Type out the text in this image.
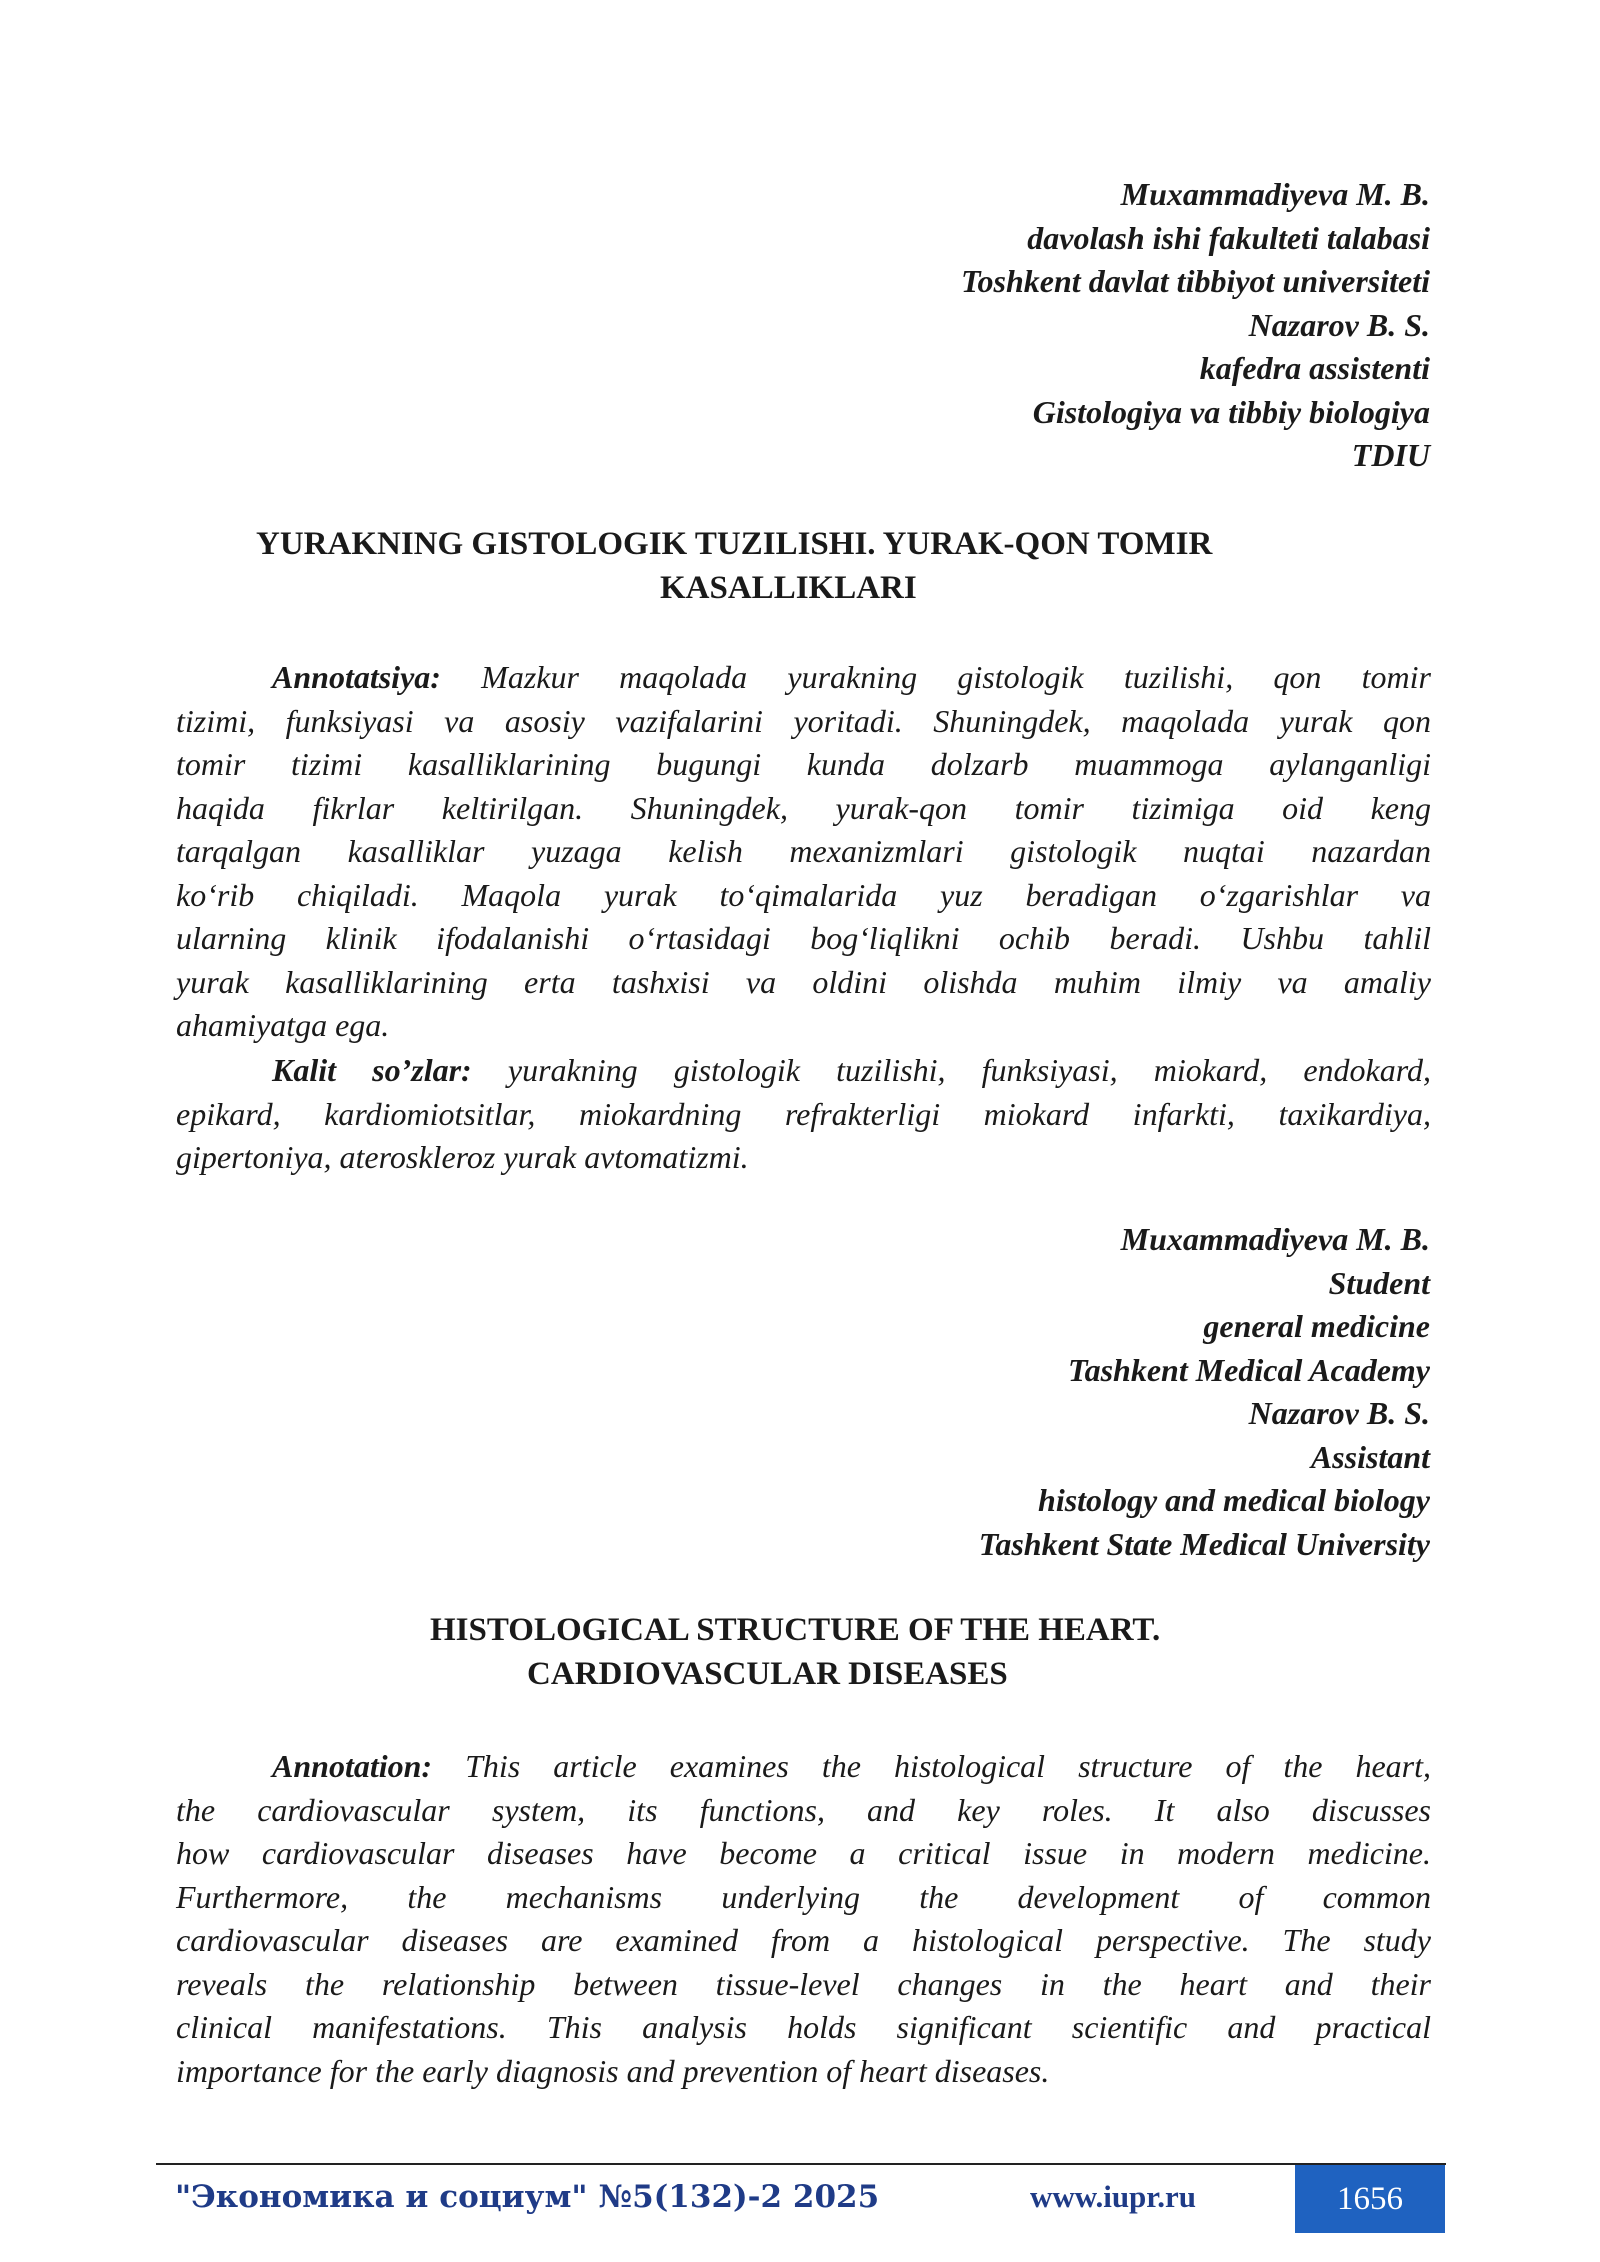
Muxammadiyeva M. B.
davolash ishi fakulteti talabasi
Toshkent davlat tibbiyot universiteti
Nazarov B. S.
kafedra assistenti
Gistologiya va tibbiy biologiya
TDIU
YURAKNING GISTOLOGIK TUZILISHI. YURAK-QON TOMIR
KASALLIKLARI
Annotatsiya: Mazkur maqolada yurakning gistologik tuzilishi, qon tomir
tizimi, funksiyasi va asosiy vazifalarini yoritadi. Shuningdek, maqolada yurak qon
tomir tizimi kasalliklarining bugungi kunda dolzarb muammoga aylanganligi
haqida fikrlar keltirilgan. Shuningdek, yurak-qon tomir tizimiga oid keng
tarqalgan kasalliklar yuzaga kelish mexanizmlari gistologik nuqtai nazardan
ko‘rib chiqiladi. Maqola yurak to‘qimalarida yuz beradigan o‘zgarishlar va
ularning klinik ifodalanishi o‘rtasidagi bog‘liqlikni ochib beradi. Ushbu tahlil
yurak kasalliklarining erta tashxisi va oldini olishda muhim ilmiy va amaliy
ahamiyatga ega.
Kalit so’zlar: yurakning gistologik tuzilishi, funksiyasi, miokard, endokard,
epikard, kardiomiotsitlar, miokardning refrakterligi miokard infarkti, taxikardiya,
gipertoniya, ateroskleroz yurak avtomatizmi.
Muxammadiyeva M. B.
Student
general medicine
Tashkent Medical Academy
Nazarov B. S.
Assistant
histology and medical biology
Tashkent State Medical University
HISTOLOGICAL STRUCTURE OF THE HEART.
CARDIOVASCULAR DISEASES
Annotation: This article examines the histological structure of the heart,
the cardiovascular system, its functions, and key roles. It also discusses
how cardiovascular diseases have become a critical issue in modern medicine.
Furthermore, the mechanisms underlying the development of common
cardiovascular diseases are examined from a histological perspective. The study
reveals the relationship between tissue-level changes in the heart and their
clinical manifestations. This analysis holds significant scientific and practical
importance for the early diagnosis and prevention of heart diseases.
"Экономика и социум" №5(132)-2 2025	www.iupr.ru	1656
